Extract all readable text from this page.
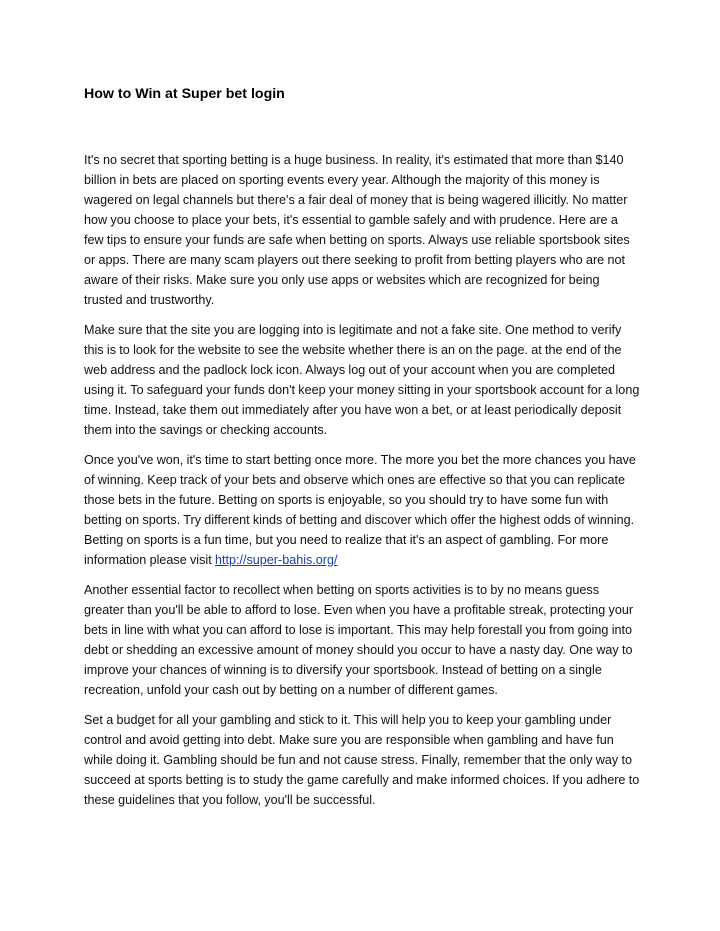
How to Win at Super bet login

It's no secret that sporting betting is a huge business. In reality, it's estimated that more than $140 billion in bets are placed on sporting events every year. Although the majority of this money is wagered on legal channels but there's a fair deal of money that is being wagered illicitly. No matter how you choose to place your bets, it's essential to gamble safely and with prudence. Here are a few tips to ensure your funds are safe when betting on sports. Always use reliable sportsbook sites or apps. There are many scam players out there seeking to profit from betting players who are not aware of their risks. Make sure you only use apps or websites which are recognized for being trusted and trustworthy.

Make sure that the site you are logging into is legitimate and not a fake site. One method to verify this is to look for the website to see the website whether there is an on the page. at the end of the web address and the padlock lock icon. Always log out of your account when you are completed using it. To safeguard your funds don't keep your money sitting in your sportsbook account for a long time. Instead, take them out immediately after you have won a bet, or at least periodically deposit them into the savings or checking accounts.

Once you've won, it's time to start betting once more. The more you bet the more chances you have of winning. Keep track of your bets and observe which ones are effective so that you can replicate those bets in the future. Betting on sports is enjoyable, so you should try to have some fun with betting on sports. Try different kinds of betting and discover which offer the highest odds of winning. Betting on sports is a fun time, but you need to realize that it's an aspect of gambling. For more information please visit http://super-bahis.org/

Another essential factor to recollect when betting on sports activities is to by no means guess greater than you'll be able to afford to lose. Even when you have a profitable streak, protecting your bets in line with what you can afford to lose is important. This may help forestall you from going into debt or shedding an excessive amount of money should you occur to have a nasty day. One way to improve your chances of winning is to diversify your sportsbook. Instead of betting on a single recreation, unfold your cash out by betting on a number of different games.

Set a budget for all your gambling and stick to it. This will help you to keep your gambling under control and avoid getting into debt. Make sure you are responsible when gambling and have fun while doing it. Gambling should be fun and not cause stress. Finally, remember that the only way to succeed at sports betting is to study the game carefully and make informed choices. If you adhere to these guidelines that you follow, you'll be successful.
